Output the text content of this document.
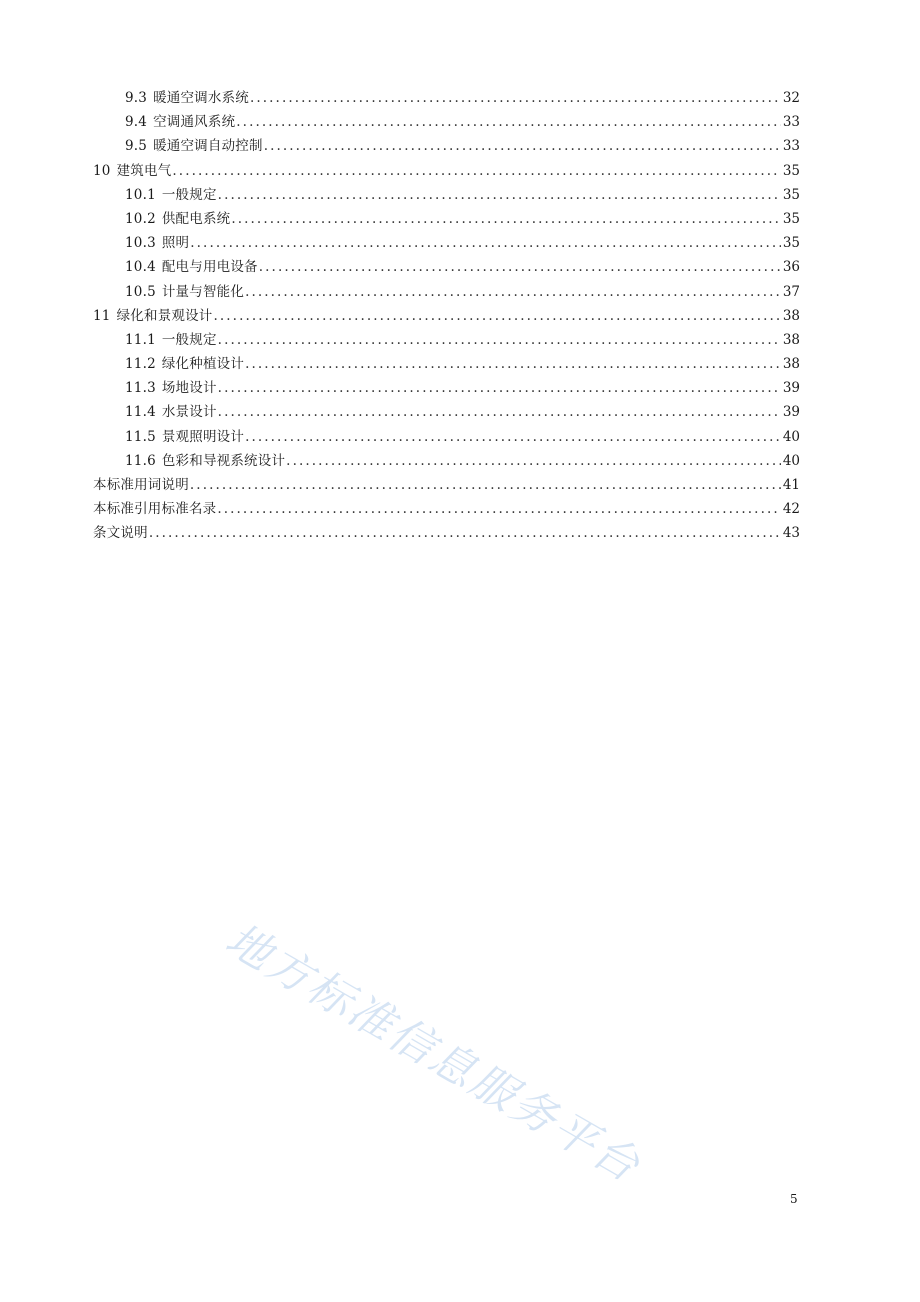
9.3 暖通空调水系统 .....	32
9.4 空调通风系统 .....	33
9.5 暖通空调自动控制 .....	33
10 建筑电气 .....	35
10.1 一般规定 .....	35
10.2 供配电系统 .....	35
10.3 照明 .....	35
10.4 配电与用电设备 .....	36
10.5 计量与智能化 .....	37
11 绿化和景观设计 .....	38
11.1 一般规定 .....	38
11.2 绿化种植设计 .....	38
11.3 场地设计 .....	39
11.4 水景设计 .....	39
11.5 景观照明设计 .....	40
11.6 色彩和导视系统设计 .....	40
本标准用词说明 .....	41
本标准引用标准名录 .....	42
条文说明 .....	43
地方标准信息服务平台
5
